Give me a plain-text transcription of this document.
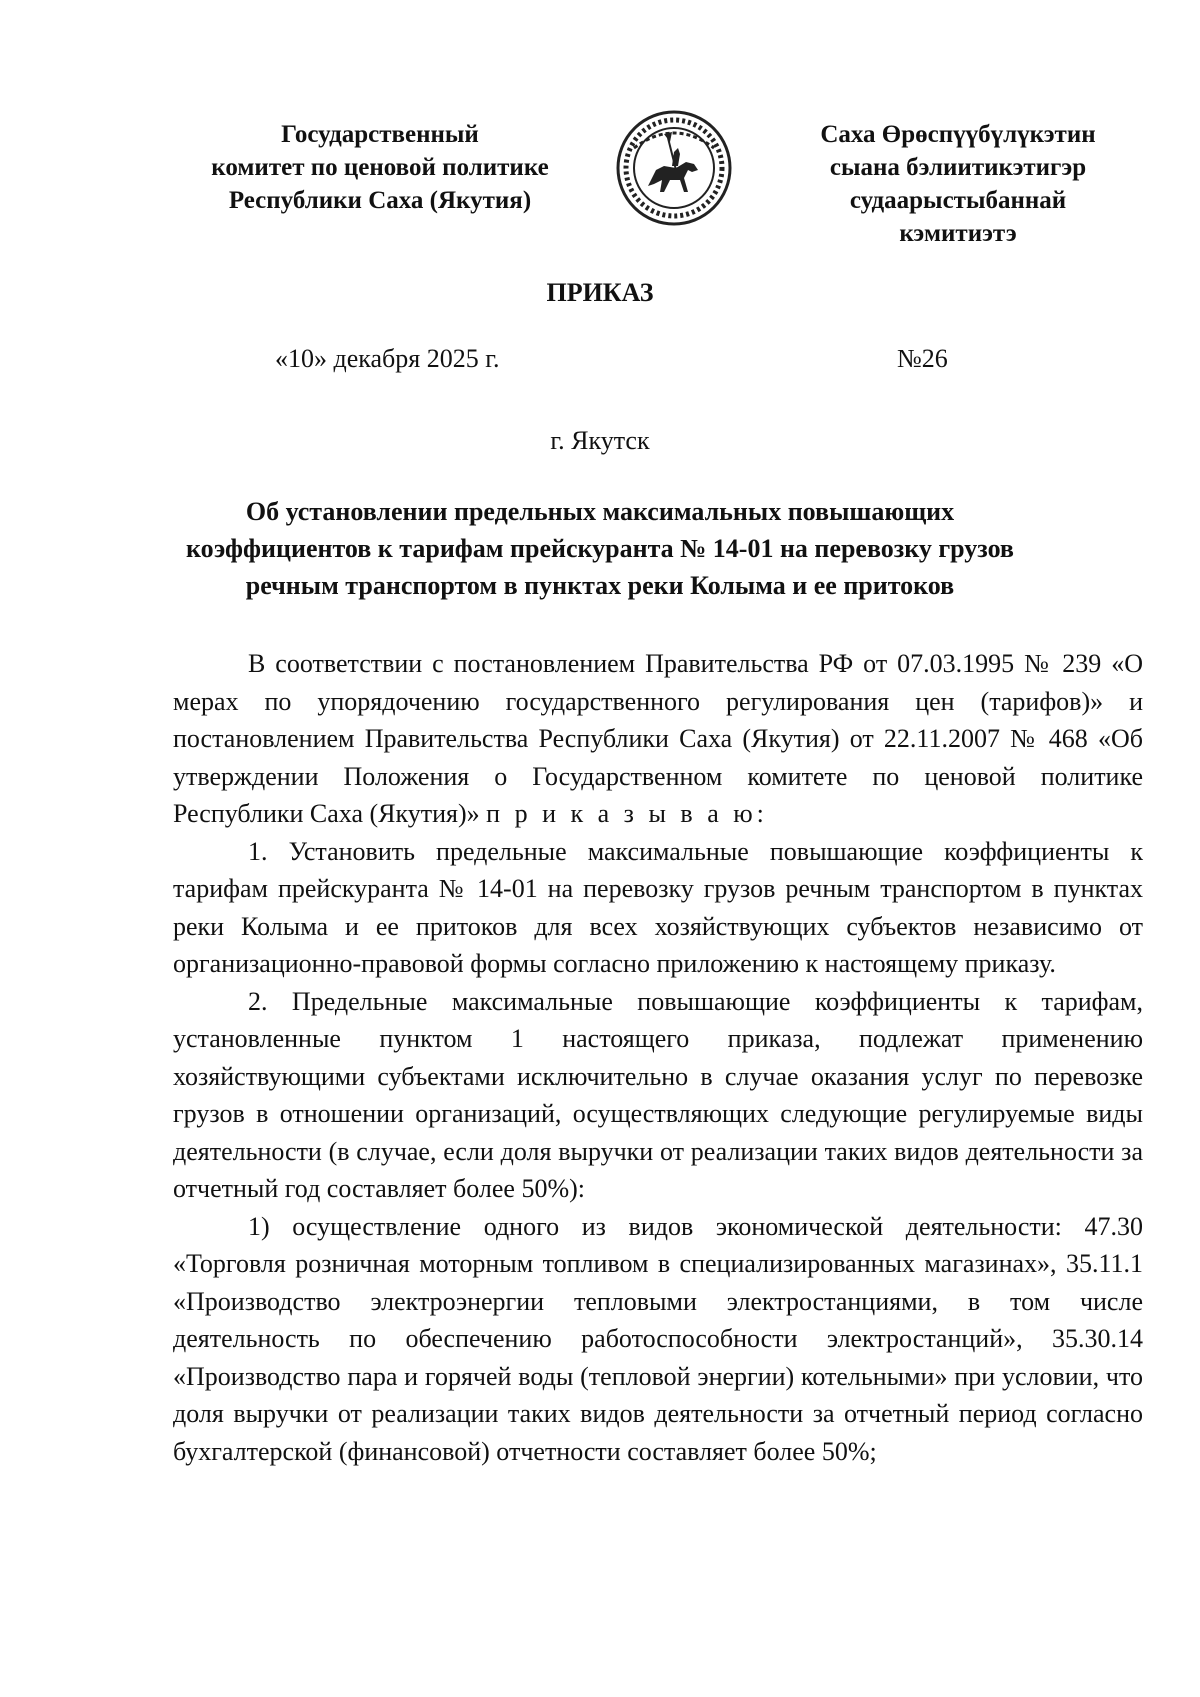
Государственный
комитет по ценовой политике
Республики Саха (Якутия)
Саха Өрөспүүбүлүкэтин
сыана бэлиитикэтигэр
судаарыстыбаннай
кэмитиэтэ
ПРИКАЗ
«10» декабря 2025 г.	№26
г. Якутск
Об установлении предельных максимальных повышающих коэффициентов к тарифам прейскуранта № 14-01 на перевозку грузов речным транспортом в пунктах реки Колыма и ее притоков

В соответствии с постановлением Правительства РФ от 07.03.1995 № 239 «О мерах по упорядочению государственного регулирования цен (тарифов)» и постановлением Правительства Республики Саха (Якутия) от 22.11.2007 № 468 «Об утверждении Положения о Государственном комитете по ценовой политике Республики Саха (Якутия)» п р и к а з ы в а ю:

1. Установить предельные максимальные повышающие коэффициенты к тарифам прейскуранта № 14-01 на перевозку грузов речным транспортом в пунктах реки Колыма и ее притоков для всех хозяйствующих субъектов независимо от организационно-правовой формы согласно приложению к настоящему приказу.

2. Предельные максимальные повышающие коэффициенты к тарифам, установленные пунктом 1 настоящего приказа, подлежат применению хозяйствующими субъектами исключительно в случае оказания услуг по перевозке грузов в отношении организаций, осуществляющих следующие регулируемые виды деятельности (в случае, если доля выручки от реализации таких видов деятельности за отчетный год составляет более 50%):

1) осуществление одного из видов экономической деятельности: 47.30 «Торговля розничная моторным топливом в специализированных магазинах», 35.11.1 «Производство электроэнергии тепловыми электростанциями, в том числе деятельность по обеспечению работоспособности электростанций», 35.30.14 «Производство пара и горячей воды (тепловой энергии) котельными» при условии, что доля выручки от реализации таких видов деятельности за отчетный период согласно бухгалтерской (финансовой) отчетности составляет более 50%;
